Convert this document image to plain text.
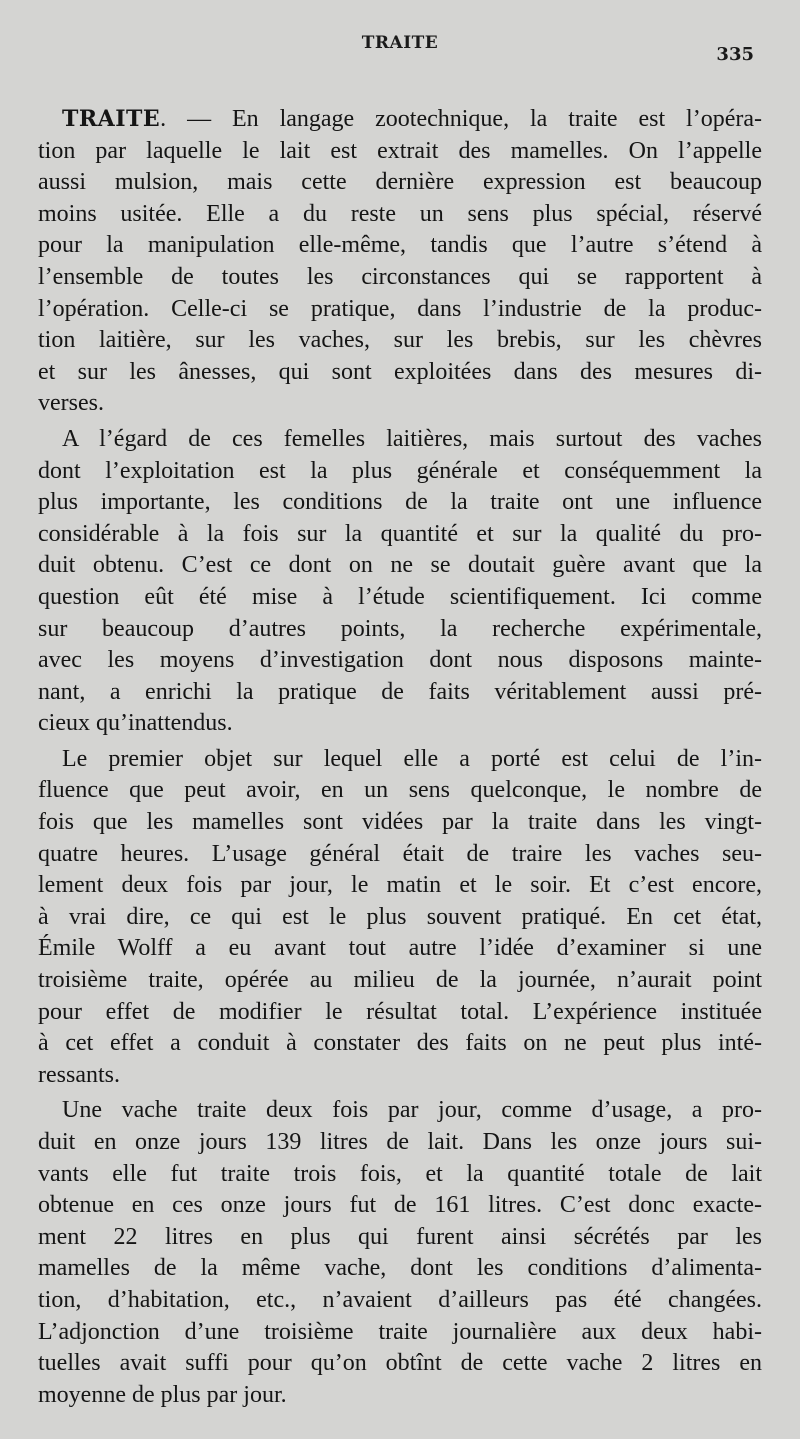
TRAITE
335
TRAITE. — En langage zootechnique, la traite est l’opéra-
tion par laquelle le lait est extrait des mamelles. On l’appelle
aussi mulsion, mais cette dernière expression est beaucoup
moins usitée. Elle a du reste un sens plus spécial, réservé
pour la manipulation elle-même, tandis que l’autre s’étend à
l’ensemble de toutes les circonstances qui se rapportent à
l’opération. Celle-ci se pratique, dans l’industrie de la produc-
tion laitière, sur les vaches, sur les brebis, sur les chèvres
et sur les ânesses, qui sont exploitées dans des mesures di-
verses.
A l’égard de ces femelles laitières, mais surtout des vaches
dont l’exploitation est la plus générale et conséquemment la
plus importante, les conditions de la traite ont une influence
considérable à la fois sur la quantité et sur la qualité du pro-
duit obtenu. C’est ce dont on ne se doutait guère avant que la
question eût été mise à l’étude scientifiquement. Ici comme
sur beaucoup d’autres points, la recherche expérimentale,
avec les moyens d’investigation dont nous disposons mainte-
nant, a enrichi la pratique de faits véritablement aussi pré-
cieux qu’inattendus.
Le premier objet sur lequel elle a porté est celui de l’in-
fluence que peut avoir, en un sens quelconque, le nombre de
fois que les mamelles sont vidées par la traite dans les vingt-
quatre heures. L’usage général était de traire les vaches seu-
lement deux fois par jour, le matin et le soir. Et c’est encore,
à vrai dire, ce qui est le plus souvent pratiqué. En cet état,
Émile Wolff a eu avant tout autre l’idée d’examiner si une
troisième traite, opérée au milieu de la journée, n’aurait point
pour effet de modifier le résultat total. L’expérience instituée
à cet effet a conduit à constater des faits on ne peut plus inté-
ressants.
Une vache traite deux fois par jour, comme d’usage, a pro-
duit en onze jours 139 litres de lait. Dans les onze jours sui-
vants elle fut traite trois fois, et la quantité totale de lait
obtenue en ces onze jours fut de 161 litres. C’est donc exacte-
ment 22 litres en plus qui furent ainsi sécrétés par les
mamelles de la même vache, dont les conditions d’alimenta-
tion, d’habitation, etc., n’avaient d’ailleurs pas été changées.
L’adjonction d’une troisième traite journalière aux deux habi-
tuelles avait suffi pour qu’on obtînt de cette vache 2 litres en
moyenne de plus par jour.
